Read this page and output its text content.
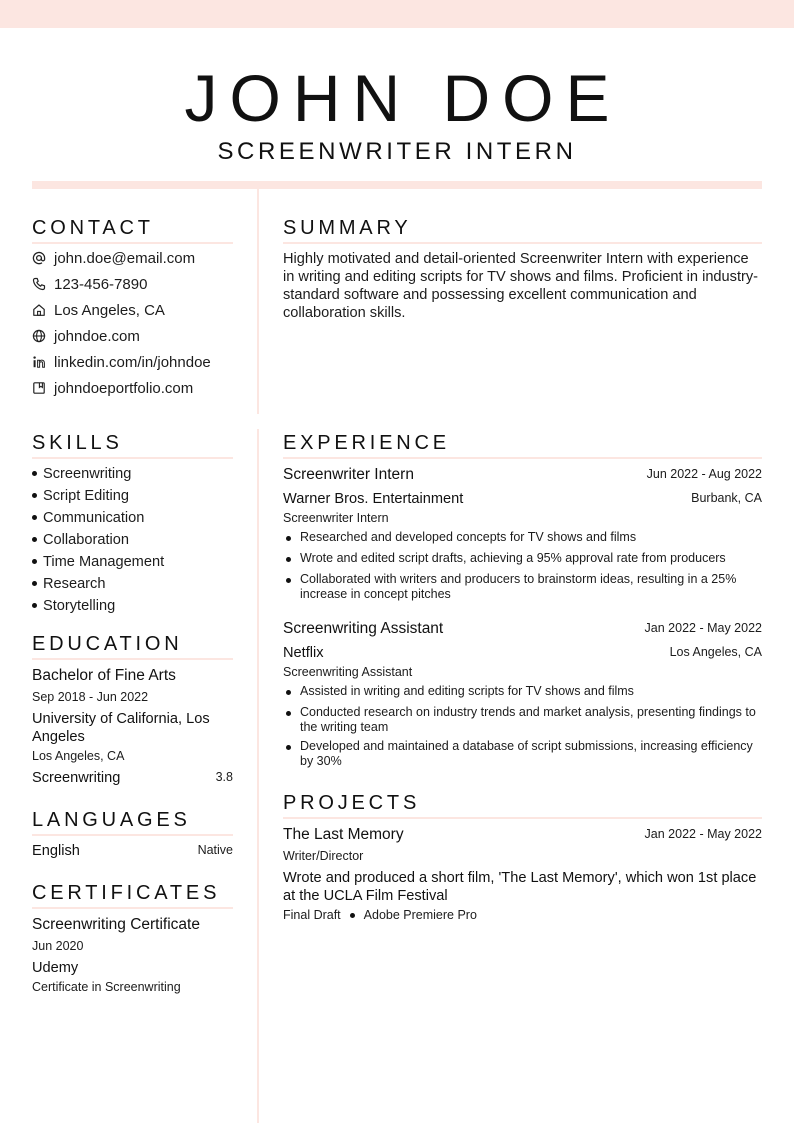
JOHN DOE
SCREENWRITER INTERN
CONTACT
john.doe@email.com
123-456-7890
Los Angeles, CA
johndoe.com
linkedin.com/in/johndoe
johndoeportfolio.com
SUMMARY
Highly motivated and detail-oriented Screenwriter Intern with experience in writing and editing scripts for TV shows and films. Proficient in industry-standard software and possessing excellent communication and collaboration skills.
SKILLS
Screenwriting
Script Editing
Communication
Collaboration
Time Management
Research
Storytelling
EDUCATION
Bachelor of Fine Arts
Sep 2018 - Jun 2022
University of California, Los Angeles
Los Angeles, CA
Screenwriting	3.8
LANGUAGES
English	Native
CERTIFICATES
Screenwriting Certificate
Jun 2020
Udemy
Certificate in Screenwriting
EXPERIENCE
Screenwriter Intern	Jun 2022 - Aug 2022
Warner Bros. Entertainment	Burbank, CA
Screenwriter Intern
Researched and developed concepts for TV shows and films
Wrote and edited script drafts, achieving a 95% approval rate from producers
Collaborated with writers and producers to brainstorm ideas, resulting in a 25% increase in concept pitches
Screenwriting Assistant	Jan 2022 - May 2022
Netflix	Los Angeles, CA
Screenwriting Assistant
Assisted in writing and editing scripts for TV shows and films
Conducted research on industry trends and market analysis, presenting findings to the writing team
Developed and maintained a database of script submissions, increasing efficiency by 30%
PROJECTS
The Last Memory	Jan 2022 - May 2022
Writer/Director
Wrote and produced a short film, 'The Last Memory', which won 1st place at the UCLA Film Festival
Final Draft Adobe Premiere Pro
